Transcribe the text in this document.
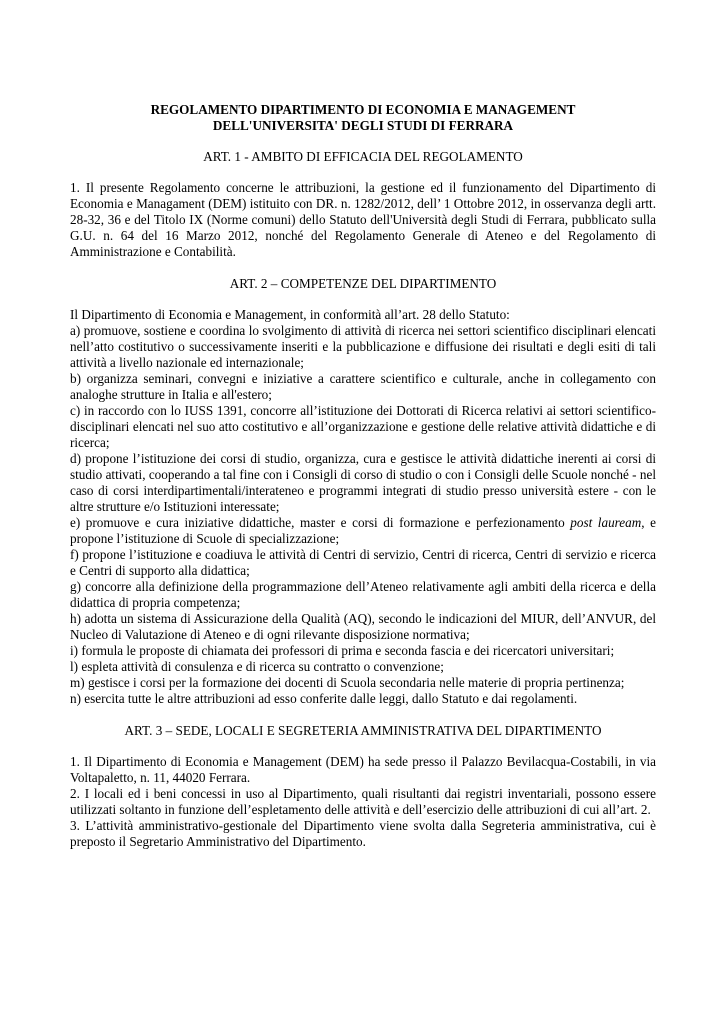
REGOLAMENTO DIPARTIMENTO DI ECONOMIA E MANAGEMENT
DELL'UNIVERSITA' DEGLI STUDI DI FERRARA
ART. 1 - AMBITO DI EFFICACIA DEL REGOLAMENTO

1. Il presente Regolamento concerne le attribuzioni, la gestione ed il funzionamento del Dipartimento di Economia e Managament (DEM) istituito con DR. n. 1282/2012, dell’ 1 Ottobre 2012, in osservanza degli artt. 28-32, 36 e del Titolo IX (Norme comuni) dello Statuto dell'Università degli Studi di Ferrara, pubblicato sulla G.U. n. 64 del 16 Marzo 2012, nonché del Regolamento Generale di Ateneo e del Regolamento di Amministrazione e Contabilità.

ART. 2 – COMPETENZE DEL DIPARTIMENTO

Il Dipartimento di Economia e Management, in conformità all’art. 28 dello Statuto:

a) promuove, sostiene e coordina lo svolgimento di attività di ricerca nei settori scientifico disciplinari elencati nell’atto costitutivo o successivamente inseriti e la pubblicazione e diffusione dei risultati e degli esiti di tali attività a livello nazionale ed internazionale;

b) organizza seminari, convegni e iniziative a carattere scientifico e culturale, anche in collegamento con analoghe strutture in Italia e all'estero;

c) in raccordo con lo IUSS 1391, concorre all’istituzione dei Dottorati di Ricerca relativi ai settori scientifico-disciplinari elencati nel suo atto costitutivo e all’organizzazione e gestione delle relative attività didattiche e di ricerca;

d) propone l’istituzione dei corsi di studio, organizza, cura e gestisce le attività didattiche inerenti ai corsi di studio attivati, cooperando a tal fine con i Consigli di corso di studio o con i Consigli delle Scuole nonché - nel caso di corsi interdipartimentali/interateneo e programmi integrati di studio presso università estere - con le altre strutture e/o Istituzioni interessate;

e) promuove e cura iniziative didattiche, master e corsi di formazione e perfezionamento post lauream, e propone l’istituzione di Scuole di specializzazione;

f) propone l’istituzione e coadiuva le attività di Centri di servizio, Centri di ricerca, Centri di servizio e ricerca e Centri di supporto alla didattica;

g) concorre alla definizione della programmazione dell’Ateneo relativamente agli ambiti della ricerca e della didattica di propria competenza;

h) adotta un sistema di Assicurazione della Qualità (AQ), secondo le indicazioni del MIUR, dell’ANVUR, del Nucleo di Valutazione di Ateneo e di ogni rilevante disposizione normativa;

i) formula le proposte di chiamata dei professori di prima e seconda fascia e dei ricercatori universitari;

l) espleta attività di consulenza e di ricerca su contratto o convenzione;

m) gestisce i corsi per la formazione dei docenti di Scuola secondaria nelle materie di propria pertinenza;

n) esercita tutte le altre attribuzioni ad esso conferite dalle leggi, dallo Statuto e dai regolamenti.

ART. 3 – SEDE, LOCALI E SEGRETERIA AMMINISTRATIVA DEL DIPARTIMENTO

1. Il Dipartimento di Economia e Management (DEM) ha sede presso il Palazzo Bevilacqua-Costabili, in via Voltapaletto, n. 11, 44020 Ferrara.

2. I locali ed i beni concessi in uso al Dipartimento, quali risultanti dai registri inventariali, possono essere utilizzati soltanto in funzione dell’espletamento delle attività e dell’esercizio delle attribuzioni di cui all’art. 2.

3. L’attività amministrativo-gestionale del Dipartimento viene svolta dalla Segreteria amministrativa, cui è preposto il Segretario Amministrativo del Dipartimento.
